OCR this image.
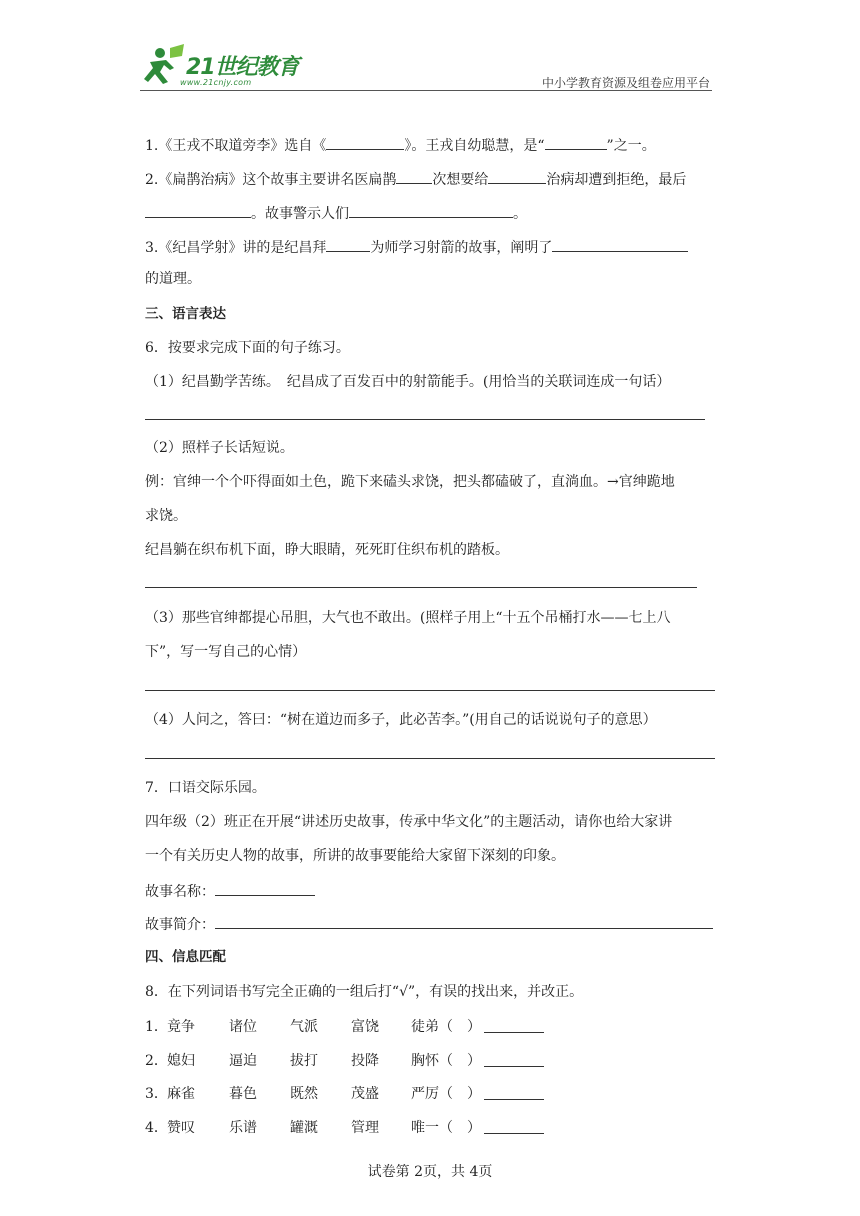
21世纪教育
www.21cnjy.com	中小学教育资源及组卷应用平台
1.《王戎不取道旁李》选自《	》。王戎自幼聪慧，是“	”之一。
2.《扁鹊治病》这个故事主要讲名医扁鹊	次想要给	治病却遭到拒绝，最后
。故事警示人们	。
3.《纪昌学射》讲的是纪昌拜	为师学习射箭的故事，阐明了
的道理。
三、语言表达
6．按要求完成下面的句子练习。
（1）纪昌勤学苦练。　纪昌成了百发百中的射箭能手。(用恰当的关联词连成一句话）
（2）照样子长话短说。
例：官绅一个个吓得面如土色，跪下来磕头求饶，把头都磕破了，直淌血。→官绅跪地
求饶。
纪昌躺在织布机下面，睁大眼睛，死死盯住织布机的踏板。
（3）那些官绅都提心吊胆，大气也不敢出。(照样子用上“十五个吊桶打水——七上八
下”，写一写自己的心情）
（4）人问之，答曰：“树在道边而多子，此必苦李。”(用自己的话说说句子的意思）
7．口语交际乐园。
四年级（2）班正在开展“讲述历史故事，传承中华文化”的主题活动，请你也给大家讲
一个有关历史人物的故事，所讲的故事要能给大家留下深刻的印象。
故事名称：
故事简介：
四、信息匹配
8．在下列词语书写完全正确的一组后打“√”，有误的找出来，并改正。
1． 竟争 诸位 气派 富饶 徒弟（　）
2． 媳妇 逼迫 拔打 投降 胸怀（　）
3． 麻雀 暮色 既然 茂盛 严厉（　）
4． 赞叹 乐谱 罐溉 管理 唯一（　）
试卷第 2页，共 4页
